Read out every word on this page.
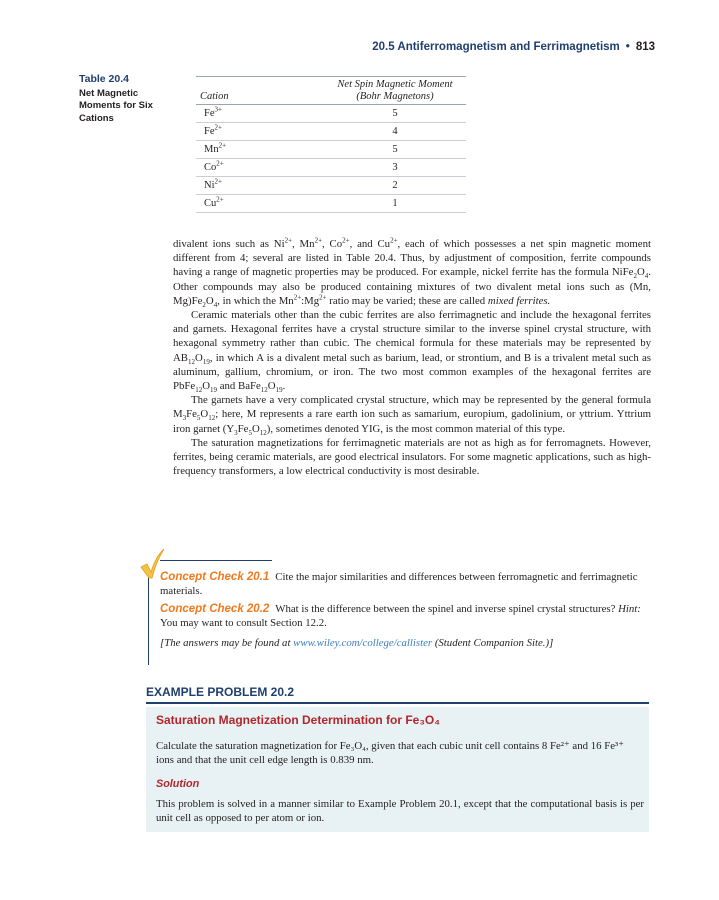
20.5 Antiferromagnetism and Ferrimagnetism • 813
Table 20.4
Net Magnetic Moments for Six Cations
Cation	Net Spin Magnetic Moment
(Bohr Magnetons)
$Fe^{3+}$	5
$Fe^{2+}$	4
$Mn^{2+}$	5
$Co^{2+}$	3
$Ni^{2+}$	2
$Cu^{2+}$	1

divalent ions such as $Ni^{2+}$, $Mn^{2+}$, $Co^{2+}$, and $Cu^{2+}$, each of which possesses a net spin magnetic moment different from 4; several are listed in Table 20.4. Thus, by adjustment of composition, ferrite compounds having a range of magnetic properties may be produced. For example, nickel ferrite has the formula $NiFe_2O_4$. Other compounds may also be produced containing mixtures of two divalent metal ions such as (Mn, $Mg)Fe_2O_4$, in which the $Mn^{2+}:Mg^{2+}$ ratio may be varied; these are called mixed ferrites.

Ceramic materials other than the cubic ferrites are also ferrimagnetic and include the hexagonal ferrites and garnets. Hexagonal ferrites have a crystal structure similar to the inverse spinel crystal structure, with hexagonal symmetry rather than cubic. The chemical formula for these materials may be represented by $AB_{12}O_{19}$, in which A is a divalent metal such as barium, lead, or strontium, and B is a trivalent metal such as aluminum, gallium, chromium, or iron. The two most common examples of the hexagonal ferrites are $PbFe_{12}O_{19}$ and $BaFe_{12}O_{19}$.

The garnets have a very complicated crystal structure, which may be represented by the general formula $M_3Fe_5O_{12}$; here, M represents a rare earth ion such as samarium, europium, gadolinium, or yttrium. Yttrium iron garnet $(Y_3Fe_5O_{12})$, sometimes denoted YIG, is the most common material of this type.

The saturation magnetizations for ferrimagnetic materials are not as high as for ferromagnets. However, ferrites, being ceramic materials, are good electrical insulators. For some magnetic applications, such as high-frequency transformers, a low electrical conductivity is most desirable.

Concept Check 20.1 Cite the major similarities and differences between ferromagnetic and ferrimagnetic materials.

Concept Check 20.2 What is the difference between the spinel and inverse spinel crystal structures? Hint: You may want to consult Section 12.2.

[The answers may be found at www.wiley.com/college/callister (Student Companion Site.)]

EXAMPLE PROBLEM 20.2
Saturation Magnetization Determination for Fe₃O₄
Calculate the saturation magnetization for Fe₃O₄, given that each cubic unit cell contains 8 Fe²⁺ and 16 Fe³⁺ ions and that the unit cell edge length is 0.839 nm.
Solution
This problem is solved in a manner similar to Example Problem 20.1, except that the computational basis is per unit cell as opposed to per atom or ion.
